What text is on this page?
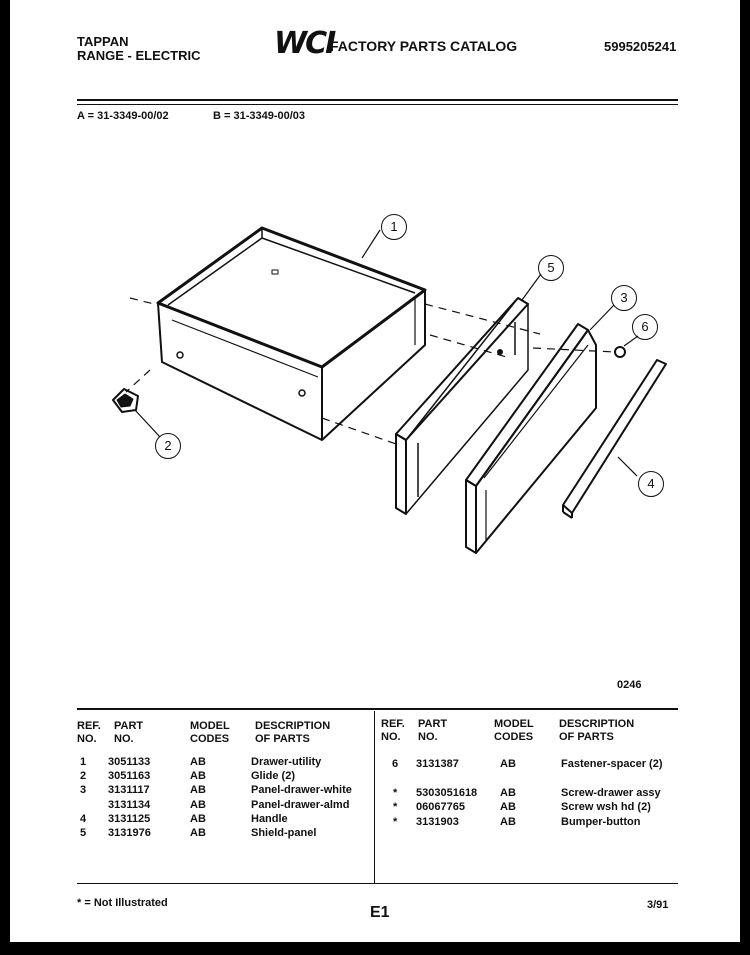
▬	TAPPAN
RANGE - ELECTRIC WCI
FACTORY PARTS CATALOG	5995205241
A = 31-3349-00/02	B = 31-3349-00/03
1
2
3
4
5
6
0246
REF.
NO.
PART
NO.
MODEL
CODES
DESCRIPTION
OF PARTS
REF.
NO.
PART
NO.
MODEL
CODES
DESCRIPTION
OF PARTS
1 3051133	AB	Drawer-utility
2 3051163	AB	Glide (2)
3 3131117	AB	Panel-drawer-white
3131134	AB	Panel-drawer-almd
4 3131125	AB	Handle
5 3131976	AB	Shield-panel
6 3131387	AB	Fastener-spacer (2)
* 5303051618 AB	Screw-drawer assy
* 06067765	AB	Screw wsh hd (2)
* 3131903	AB	Bumper-button
* = Not Illustrated
E1	3/91
